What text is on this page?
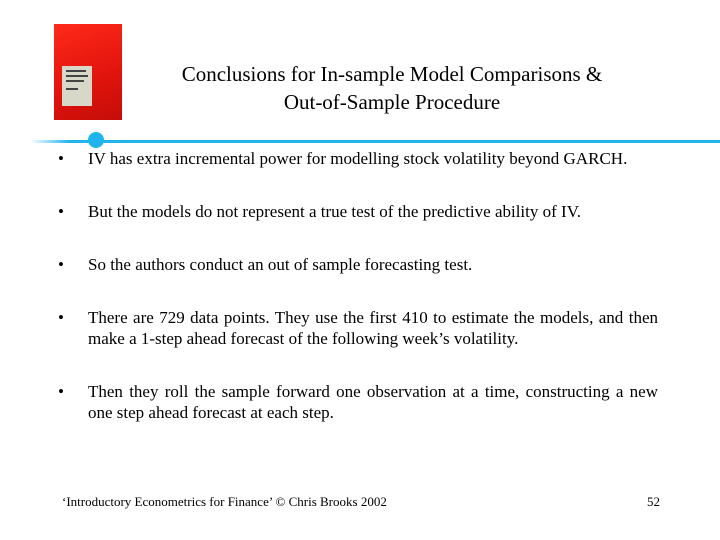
Conclusions for In-sample Model Comparisons &
Out-of-Sample Procedure
• IV has extra incremental power for modelling stock volatility beyond GARCH.
• But the models do not represent a true test of the predictive ability of IV.
• So the authors conduct an out of sample forecasting test.
• There are 729 data points. They use the first 410 to estimate the models, and then make a 1-step ahead forecast of the following week’s volatility.
• Then they roll the sample forward one observation at a time, constructing a new one step ahead forecast at each step.
‘Introductory Econometrics for Finance’ © Chris Brooks 2002	52
